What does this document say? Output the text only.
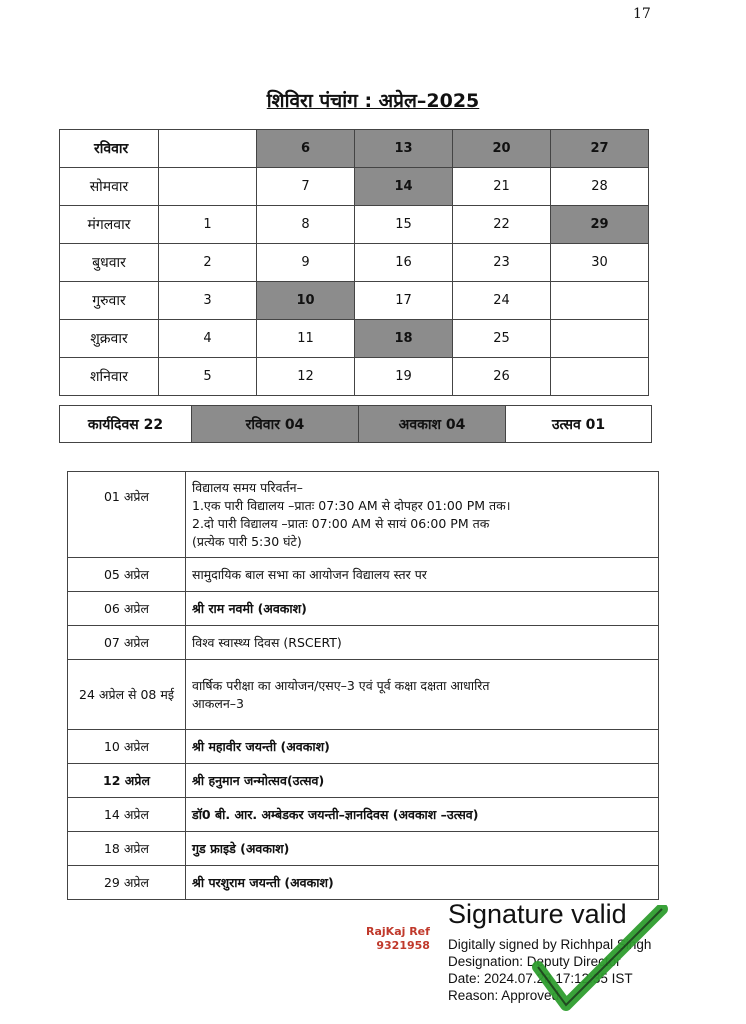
17
शिविरा पंचांग : अप्रेल–2025
रविवार		6	13	20	27
सोमवार		7	14	21	28
मंगलवार	1	8	15	22	29
बुधवार	2	9	16	23	30
गुरुवार	3	10	17	24	
शुक्रवार	4	11	18	25	
शनिवार	5	12	19	26	
कार्यदिवस 22	रविवार 04	अवकाश 04	उत्सव 01
01 अप्रेल	विद्यालय समय परिवर्तन–

1.एक पारी विद्यालय –प्रातः 07:30 AM से दोपहर 01:00 PM तक।

2.दो पारी विद्यालय –प्रातः 07:00 AM से सायं 06:00 PM तक

(प्रत्येक पारी 5:30 घंटे)

05 अप्रेल	सामुदायिक बाल सभा का आयोजन विद्यालय स्तर पर

06 अप्रेल	श्री राम नवमी (अवकाश)

07 अप्रेल	विश्व स्वास्थ्य दिवस (RSCERT)

24 अप्रेल से 08 मई	वार्षिक परीक्षा का आयोजन/एसए–3 एवं पूर्व कक्षा दक्षता आधारित

आकलन–3

10 अप्रेल	श्री महावीर जयन्ती (अवकाश)

12 अप्रेल	श्री हनुमान जन्मोत्सव(उत्सव)

14 अप्रेल	डॉ0 बी. आर. अम्बेडकर जयन्ती–ज्ञानदिवस (अवकाश –उत्सव)

18 अप्रेल	गुड फ्राइडे (अवकाश)

29 अप्रेल	श्री परशुराम जयन्ती (अवकाश)

RajKaj Ref
9321958
Signature valid
Digitally signed by Richhpal Singh
Designation: Deputy Director
Date: 2024.07.28 17:12:35 IST
Reason: Approved
